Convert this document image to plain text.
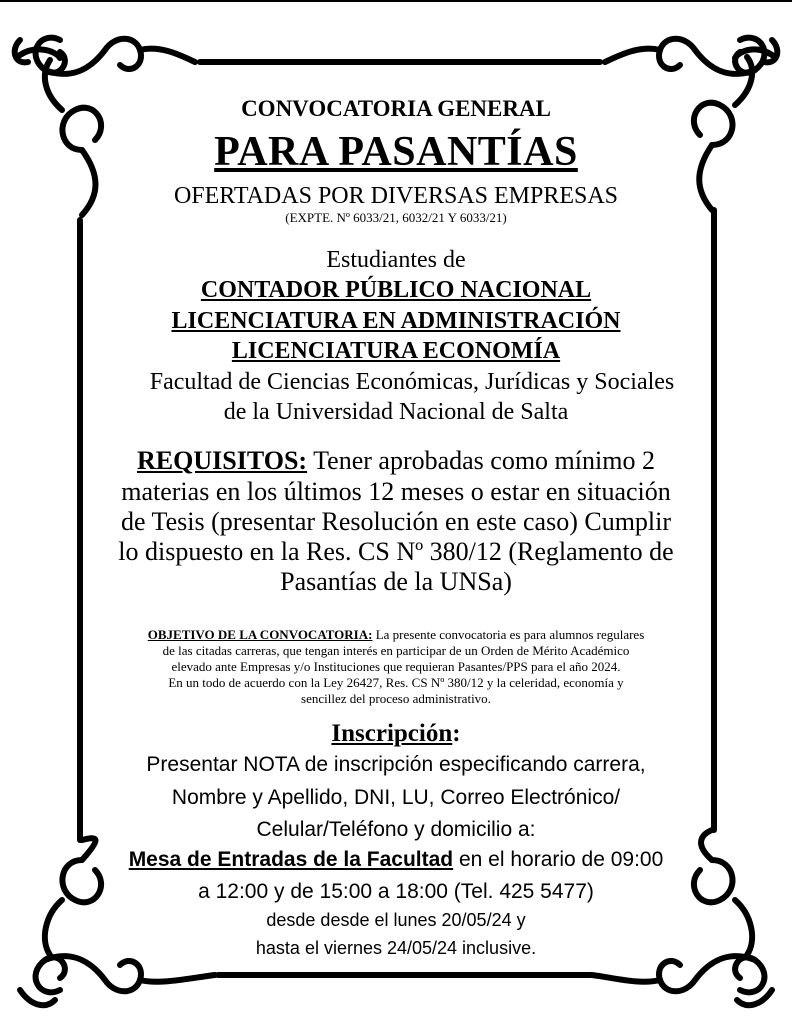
CONVOCATORIA GENERAL
PARA PASANTÍAS
OFERTADAS POR DIVERSAS EMPRESAS
(EXPTE. Nº 6033/21, 6032/21 Y 6033/21)
Estudiantes de
CONTADOR PÚBLICO NACIONAL
LICENCIATURA EN ADMINISTRACIÓN
LICENCIATURA ECONOMÍA
Facultad de Ciencias Económicas, Jurídicas y Sociales
de la Universidad Nacional de Salta
REQUISITOS: Tener aprobadas como mínimo 2
materias en los últimos 12 meses o estar en situación
de Tesis (presentar Resolución en este caso) Cumplir
lo dispuesto en la Res. CS Nº 380/12 (Reglamento de
Pasantías de la UNSa)
OBJETIVO DE LA CONVOCATORIA: La presente convocatoria es para alumnos regulares
de las citadas carreras, que tengan interés en participar de un Orden de Mérito Académico
elevado ante Empresas y/o Instituciones que requieran Pasantes/PPS para el año 2024.
En un todo de acuerdo con la Ley 26427, Res. CS Nº 380/12 y la celeridad, economía y
sencillez del proceso administrativo.
Inscripción:
Presentar NOTA de inscripción especificando carrera,
Nombre y Apellido, DNI, LU, Correo Electrónico/
Celular/Teléfono y domicilio a:
Mesa de Entradas de la Facultad en el horario de 09:00
a 12:00 y de 15:00 a 18:00 (Tel. 425 5477)
desde desde el lunes 20/05/24 y
hasta el viernes 24/05/24 inclusive.
